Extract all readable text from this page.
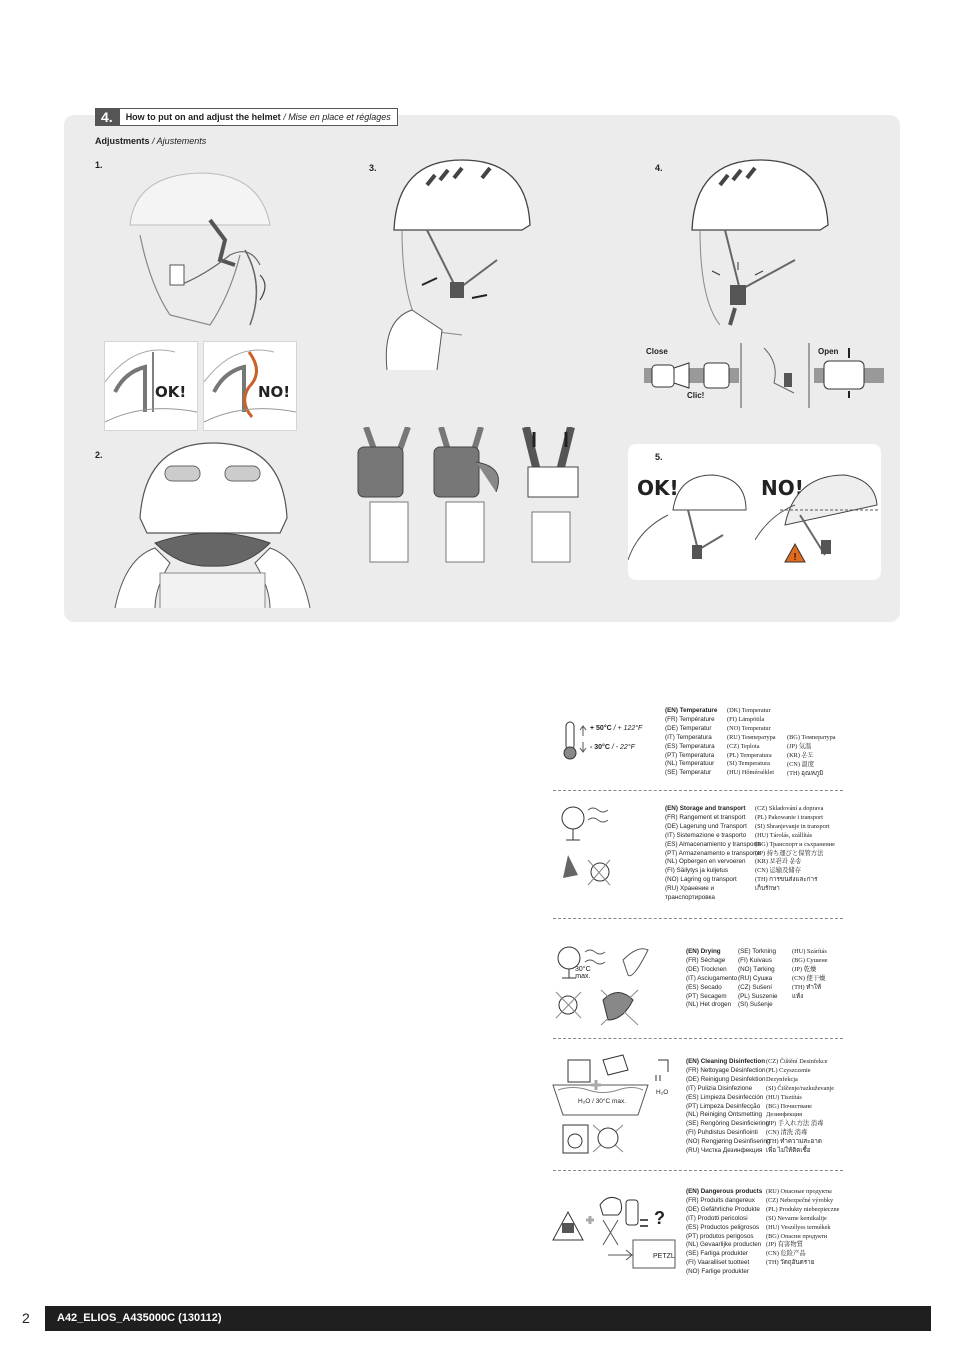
4.	How to put on and adjust the helmet / Mise en place et réglages
Adjustments / Ajustements
1.
OK!	NO!
2.
3.	4.
Close	Open
Clic!
5.
OK!	NO!
!
+ 50°C / + 122°F
- 30°C / - 22°F
(EN) Temperature
(FR) Température
(DE) Temperatur
(IT) Temperatura
(ES) Temperatura
(PT) Temperatura
(NL) Temperatuur
(SE) Temperatur
(DK) Temperatur
(FI) Lämpötila
(NO) Temperatur
(RU) Температура
(CZ) Teplota
(PL) Temperatura
(SI) Temperatura
(HU) Hőmérséklet
(BG) Температура
(JP) 気温
(KR) 온도
(CN) 温度
(TH) อุณหภูมิ
(EN) Storage and transport
(FR) Rangement et transport
(DE) Lagerung und Transport
(IT) Sistemazione e trasporto
(ES) Almacenamiento y transporte
(PT) Armazenamento e transporte
(NL) Opbergen en vervoeren
(FI) Säilytys ja kuljetus
(NO) Lagring og transport
(RU) Хранение и
транспортировка
(CZ) Skladování a doprava
(PL) Pakowanie i transport
(SI) Shranjevanje in transport
(HU) Tárolás, szállítás
(BG) Транспорт и съхранение
(JP) 持ち運びと保管方法
(KR) 보관과 운송
(CN) 运输及储存
(TH) การขนส่งและการ
เก็บรักษา
30°C
max.
(EN) Drying
(FR) Séchage
(DE) Trocknen
(IT) Asciugamento
(ES) Secado
(PT) Secagem
(NL) Het drogen
(SE) Torkning
(FI) Kuivaus
(NO) Tørking
(RU) Сушка
(CZ) Sušení
(PL) Suszenie
(SI) Sušenje
(HU) Szárítás
(BG) Сушене
(JP) 乾燥
(CN) 使干燥
(TH) ทำให้
แห้ง
H₂O / 30°C max.
H₂O
(EN) Cleaning Disinfection
(FR) Nettoyage Désinfection
(DE) Reinigung Desinfektion
(IT) Pulizia Disinfezione
(ES) Limpieza Desinfección
(PT) Limpeza Desinfecção
(NL) Reiniging Ontsmetting
(SE) Rengöring Desinficiering
(FI) Puhdistus Desinfiointi
(NO) Rengjøring Desinfisering
(RU) Чистка Дезинфекция
(CZ) Čištění Desinfekce
(PL) Czyszczenie
Dezynfekcja
(SI) Čiščenje/razkuževanje
(HU) Tisztítás
(BG) Почистване
Дезинфекция
(JP) 手入れ方法 消毒
(CN) 清洗 消毒
(TH) ทำความสะอาด
เพื่อ ไม่ให้ติดเชื้อ
?
PETZL
(EN) Dangerous products
(FR) Produits dangereux
(DE) Gefährliche Produkte
(IT) Prodotti pericolosi
(ES) Productos peligrosos
(PT) produtos perigosos
(NL) Gevaarlijke producten
(SE) Farliga produkter
(FI) Vaaralliset tuotteet
(NO) Farlige produkter
(RU) Опасные продукты
(CZ) Nebezpečné výrobky
(PL) Produkty niebezpieczne
(SI) Nevarne kemikalije
(HU) Veszélyes termékek
(BG) Опасни продукти
(JP) 有害物質
(CN) 危险产品
(TH) วัตถุอันตราย
2	A42_ELIOS_A435000C (130112)
